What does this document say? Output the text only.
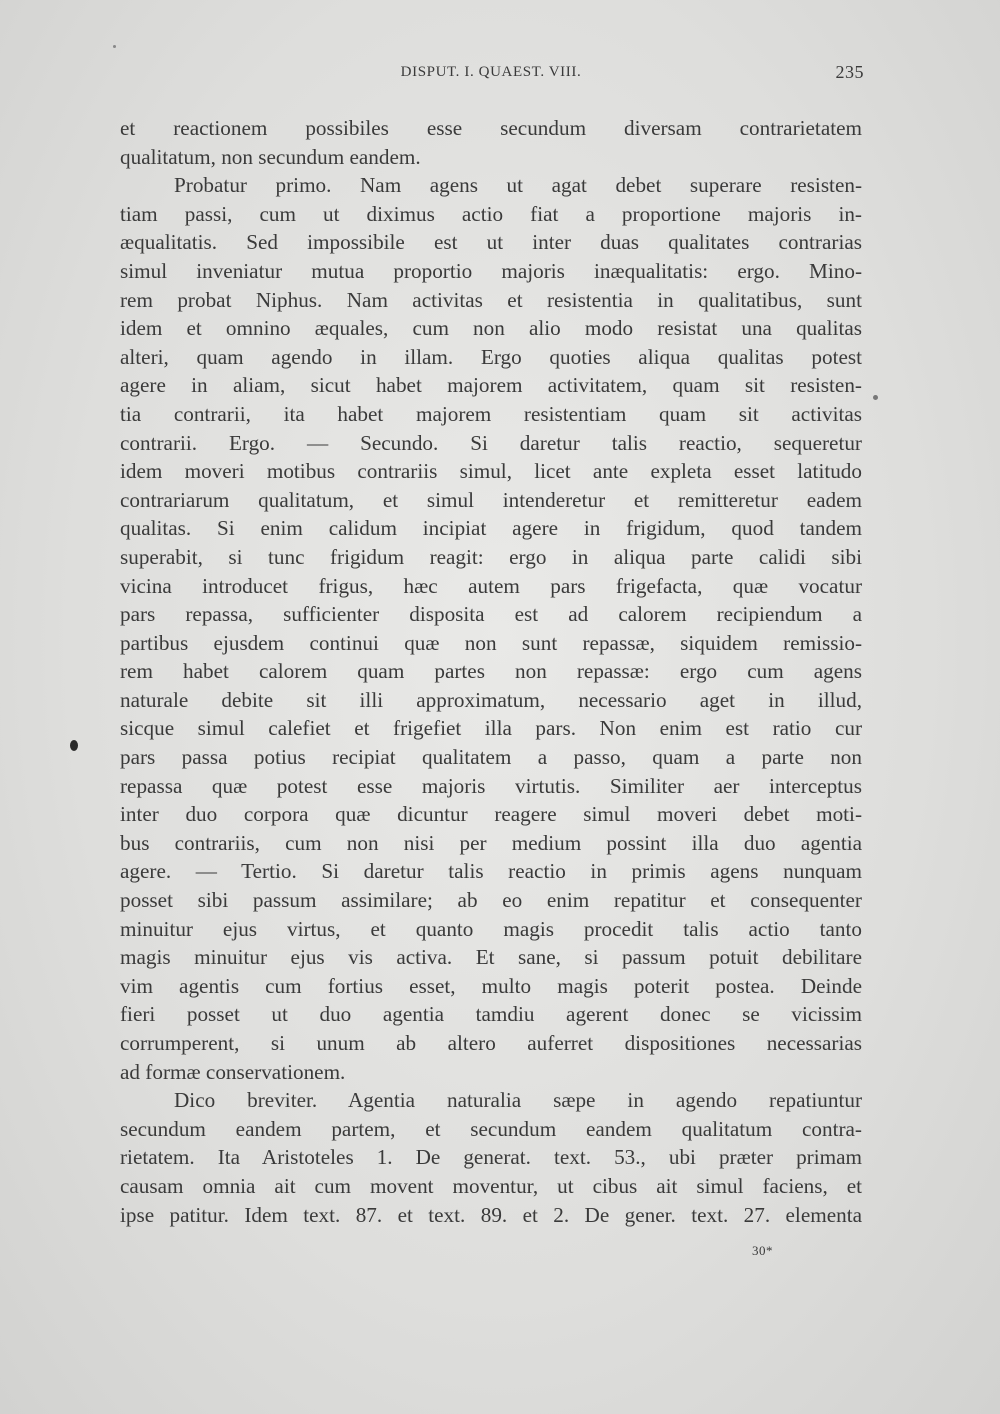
DISPUT. I. QUAEST. VIII.	235
et reactionem possibiles esse secundum diversam contrarietatem
qualitatum, non secundum eandem.
Probatur primo. Nam agens ut agat debet superare resisten-
tiam passi, cum ut diximus actio fiat a proportione majoris in-
æqualitatis. Sed impossibile est ut inter duas qualitates contrarias
simul inveniatur mutua proportio majoris inæqualitatis: ergo. Mino-
rem probat Niphus. Nam activitas et resistentia in qualitatibus, sunt
idem et omnino æquales, cum non alio modo resistat una qualitas
alteri, quam agendo in illam. Ergo quoties aliqua qualitas potest
agere in aliam, sicut habet majorem activitatem, quam sit resisten-
tia contrarii, ita habet majorem resistentiam quam sit activitas
contrarii. Ergo. — Secundo. Si daretur talis reactio, sequeretur
idem moveri motibus contrariis simul, licet ante expleta esset latitudo
contrariarum qualitatum, et simul intenderetur et remitteretur eadem
qualitas. Si enim calidum incipiat agere in frigidum, quod tandem
superabit, si tunc frigidum reagit: ergo in aliqua parte calidi sibi
vicina introducet frigus, hæc autem pars frigefacta, quæ vocatur
pars repassa, sufficienter disposita est ad calorem recipiendum a
partibus ejusdem continui quæ non sunt repassæ, siquidem remissio-
rem habet calorem quam partes non repassæ: ergo cum agens
naturale debite sit illi approximatum, necessario aget in illud,
sicque simul calefiet et frigefiet illa pars. Non enim est ratio cur
pars passa potius recipiat qualitatem a passo, quam a parte non
repassa quæ potest esse majoris virtutis. Similiter aer interceptus
inter duo corpora quæ dicuntur reagere simul moveri debet moti-
bus contrariis, cum non nisi per medium possint illa duo agentia
agere. — Tertio. Si daretur talis reactio in primis agens nunquam
posset sibi passum assimilare; ab eo enim repatitur et consequenter
minuitur ejus virtus, et quanto magis procedit talis actio tanto
magis minuitur ejus vis activa. Et sane, si passum potuit debilitare
vim agentis cum fortius esset, multo magis poterit postea. Deinde
fieri posset ut duo agentia tamdiu agerent donec se vicissim
corrumperent, si unum ab altero auferret dispositiones necessarias
ad formæ conservationem.
Dico breviter. Agentia naturalia sæpe in agendo repatiuntur
secundum eandem partem, et secundum eandem qualitatum contra-
rietatem. Ita Aristoteles 1. De generat. text. 53., ubi præter primam
causam omnia ait cum movent moventur, ut cibus ait simul faciens, et
ipse patitur. Idem text. 87. et text. 89. et 2. De gener. text. 27. elementa
30*
